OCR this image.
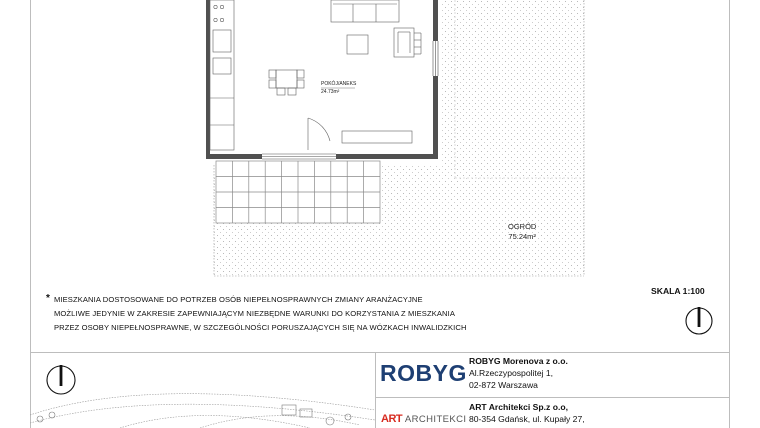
POKÓJ/ANEKS
24.73m²
OGRÓD
75.24m²
* MIESZKANIA DOSTOSOWANE DO POTRZEB OSÓB NIEPEŁNOSPRAWNYCH ZMIANY ARANŻACYJNE
MOŻLIWE JEDYNIE W ZAKRESIE ZAPEWNIAJĄCYM NIEZBĘDNE WARUNKI DO KORZYSTANIA Z MIESZKANIA
PRZEZ OSOBY NIEPEŁNOSPRAWNE, W SZCZEGÓLNOŚCI PORUSZAJĄCYCH SIĘ NA WÓZKACH INWALIDZKICH
SKALA 1:100
ROBYG
ART ARCHITEKCI
ROBYG Morenova z o.o.
Al.Rzeczypospolitej 1,
02-872 Warszawa
ART Architekci Sp.z o.o,
80-354 Gdańsk, ul. Kupały 27,
